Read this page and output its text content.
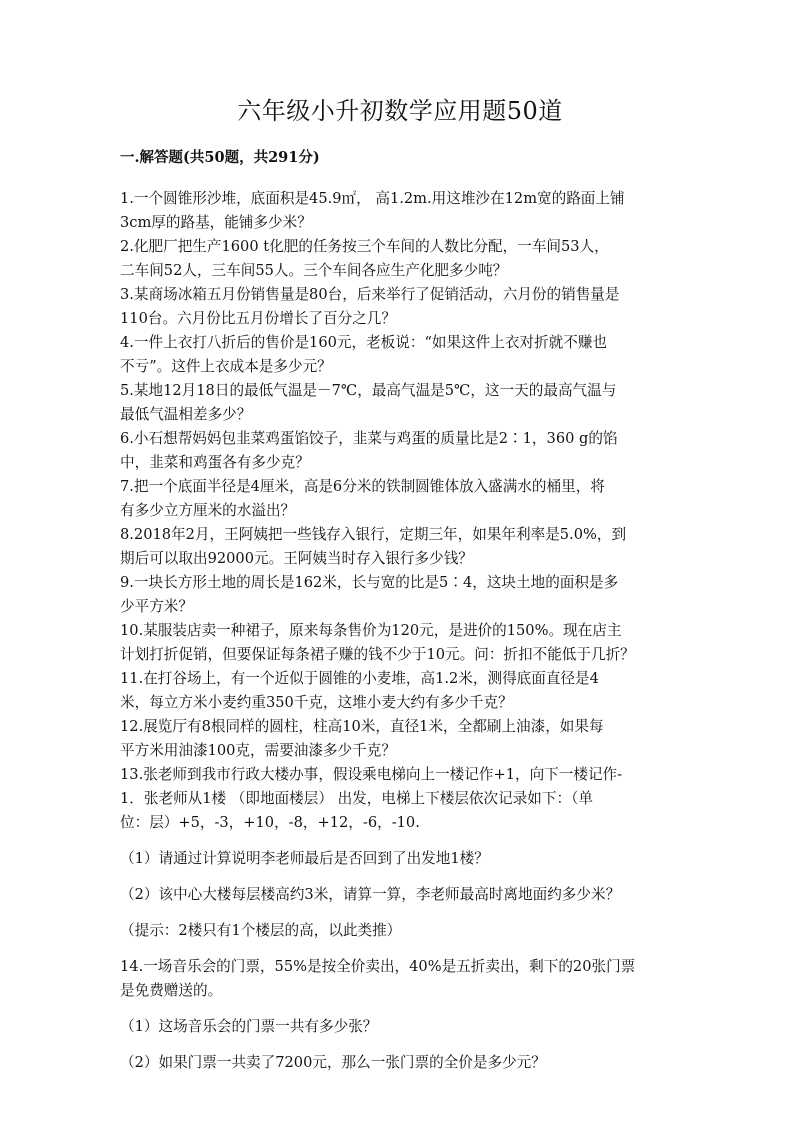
六年级小升初数学应用题50道
一.解答题(共50题，共291分)
1.一个圆锥形沙堆，底面积是45.9㎡， 高1.2m.用这堆沙在12m宽的路面上铺
3cm厚的路基，能铺多少米？
2.化肥厂把生产1600 t化肥的任务按三个车间的人数比分配，一车间53人，
二车间52人，三车间55人。三个车间各应生产化肥多少吨？
3.某商场冰箱五月份销售量是80台，后来举行了促销活动，六月份的销售量是
110台。六月份比五月份增长了百分之几？
4.一件上衣打八折后的售价是160元，老板说：“如果这件上衣对折就不赚也
不亏”。这件上衣成本是多少元？
5.某地12月18日的最低气温是－7℃，最高气温是5℃，这一天的最高气温与
最低气温相差多少？
6.小石想帮妈妈包韭菜鸡蛋馅饺子，韭菜与鸡蛋的质量比是2∶1，360 g的馅
中，韭菜和鸡蛋各有多少克？
7.把一个底面半径是4厘米，高是6分米的铁制圆锥体放入盛满水的桶里，将
有多少立方厘米的水溢出？
8.2018年2月，王阿姨把一些钱存入银行，定期三年，如果年利率是5.0%，到
期后可以取出92000元。王阿姨当时存入银行多少钱？
9.一块长方形土地的周长是162米，长与宽的比是5∶4，这块土地的面积是多
少平方米？
10.某服装店卖一种裙子，原来每条售价为120元，是进价的150%。现在店主
计划打折促销，但要保证每条裙子赚的钱不少于10元。问：折扣不能低于几折？
11.在打谷场上，有一个近似于圆锥的小麦堆，高1.2米，测得底面直径是4
米，每立方米小麦约重350千克，这堆小麦大约有多少千克？
12.展览厅有8根同样的圆柱，柱高10米，直径1米，全都刷上油漆，如果每
平方米用油漆100克，需要油漆多少千克？
13.张老师到我市行政大楼办事，假设乘电梯向上一楼记作+1，向下一楼记作-
1．张老师从1楼 （即地面楼层） 出发，电梯上下楼层依次记录如下：（单
位：层）+5，-3，+10，-8，+12，-6，-10.
（1）请通过计算说明李老师最后是否回到了出发地1楼？
（2）该中心大楼每层楼高约3米，请算一算，李老师最高时离地面约多少米？
（提示：2楼只有1个楼层的高，以此类推）
14.一场音乐会的门票，55%是按全价卖出，40%是五折卖出，剩下的20张门票
是免费赠送的。
（1）这场音乐会的门票一共有多少张？
（2）如果门票一共卖了7200元，那么一张门票的全价是多少元？
